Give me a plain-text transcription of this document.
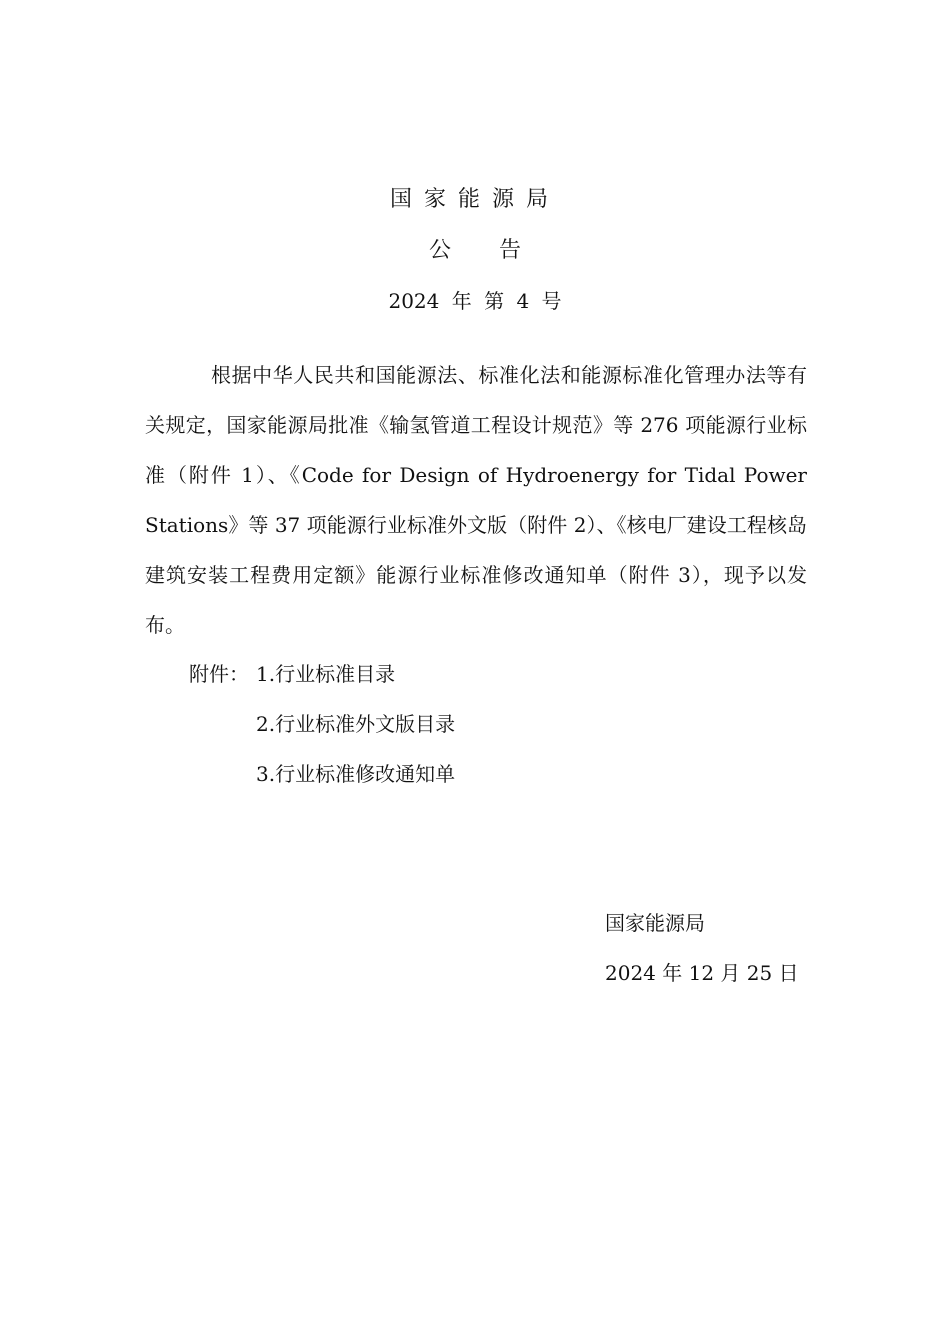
国家能源局
公告
2024 年 第 4 号

根据中华人民共和国能源法、标准化法和能源标准化管理办法等有关规定，国家能源局批准《输氢管道工程设计规范》等 276 项能源行业标准（附件 1）、《Code for Design of Hydroenergy for Tidal Power Stations》等 37 项能源行业标准外文版（附件 2）、《核电厂建设工程核岛建筑安装工程费用定额》能源行业标准修改通知单（附件 3），现予以发布。

附件： 1.行业标准目录
2.行业标准外文版目录
3.行业标准修改通知单
国家能源局
2024 年 12 月 25 日
